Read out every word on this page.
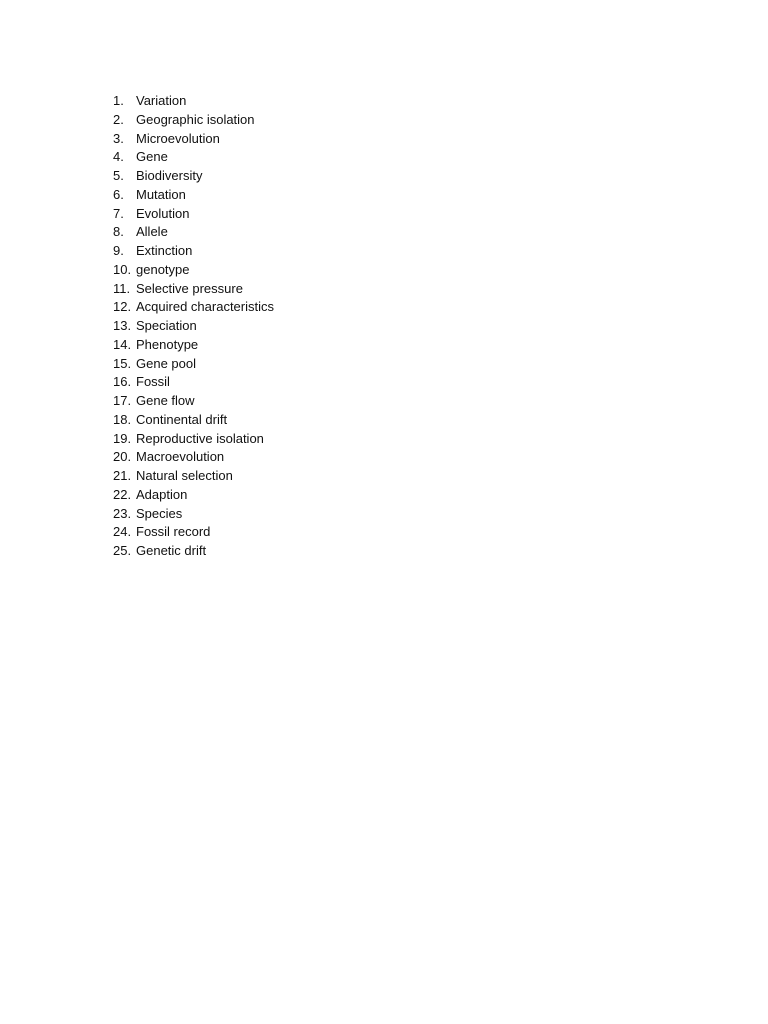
1. Variation
2. Geographic isolation
3. Microevolution
4. Gene
5. Biodiversity
6. Mutation
7. Evolution
8. Allele
9. Extinction
10. genotype
11. Selective pressure
12. Acquired characteristics
13. Speciation
14. Phenotype
15. Gene pool
16. Fossil
17. Gene flow
18. Continental drift
19. Reproductive isolation
20. Macroevolution
21. Natural selection
22. Adaption
23. Species
24. Fossil record
25. Genetic drift
